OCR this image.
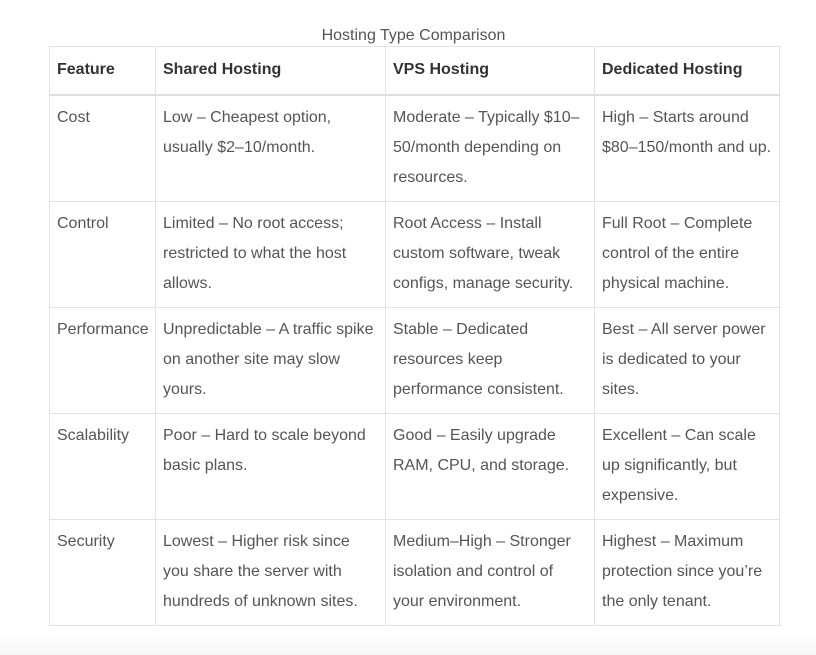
Hosting Type Comparison
Feature	Shared Hosting	VPS Hosting	Dedicated Hosting
Cost	Low – Cheapest option, usually $2–10/month.	Moderate – Typically $10–50/month depending on resources.	High – Starts around $80–150/month and up.
Control	Limited – No root access; restricted to what the host allows.	Root Access – Install custom software, tweak configs, manage security.	Full Root – Complete control of the entire physical machine.
Performance	Unpredictable – A traffic spike on another site may slow yours.	Stable – Dedicated resources keep performance consistent.	Best – All server power is dedicated to your sites.
Scalability	Poor – Hard to scale beyond basic plans.	Good – Easily upgrade RAM, CPU, and storage.	Excellent – Can scale up significantly, but expensive.
Security	Lowest – Higher risk since you share the server with hundreds of unknown sites.	Medium–High – Stronger isolation and control of your environment.	Highest – Maximum protection since you’re the only tenant.
